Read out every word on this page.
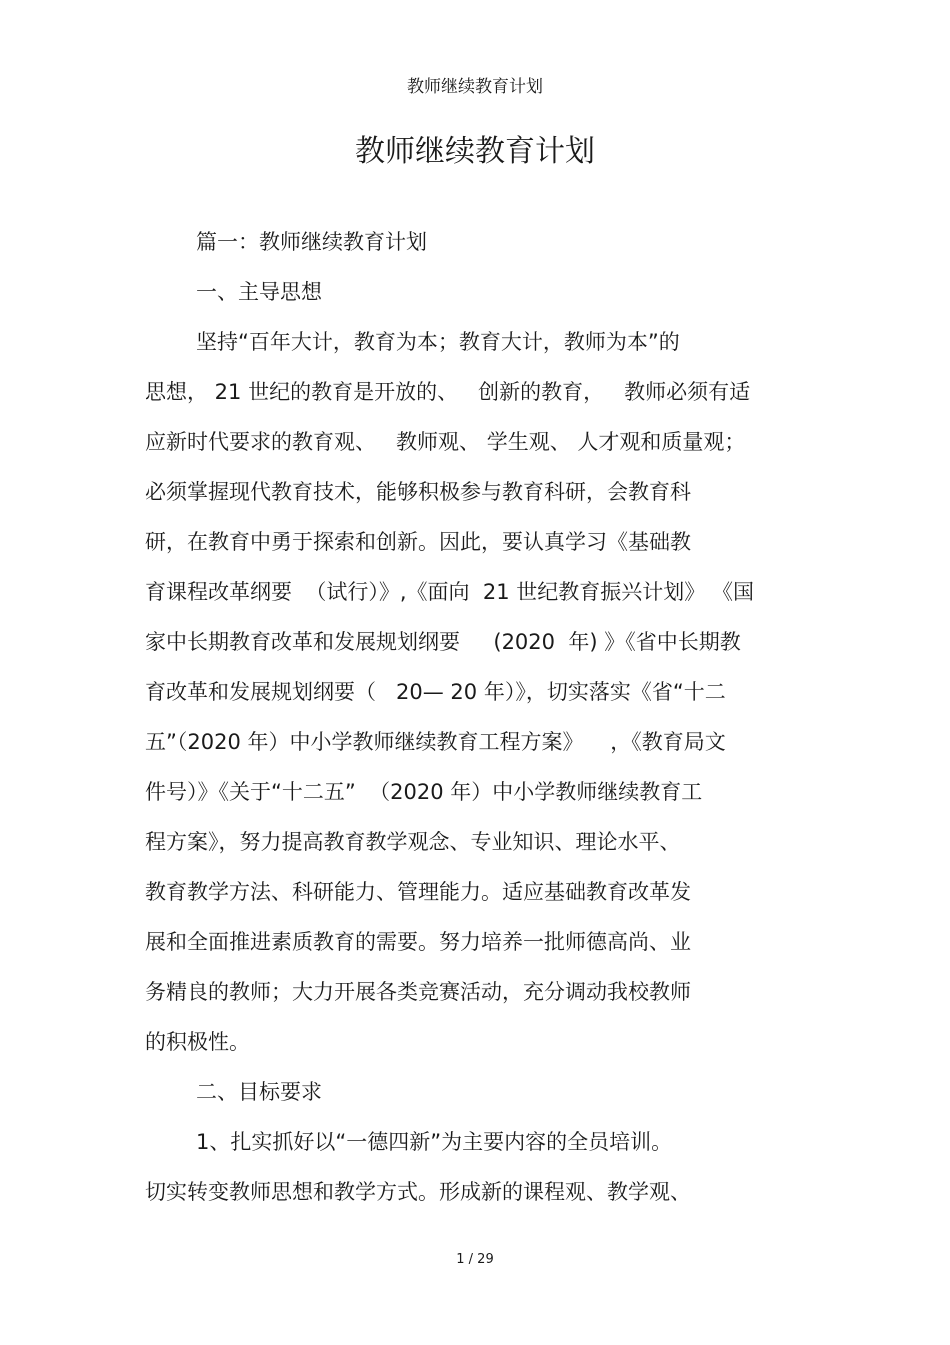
教师继续教育计划
教师继续教育计划
篇一：教师继续教育计划
一、主导思想
坚持“百年大计，教育为本；教育大计，教师为本”的
思想， 21 世纪的教育是开放的、   创新的教育，   教师必须有适
应新时代要求的教育观、   教师观、 学生观、 人才观和质量观；
必须掌握现代教育技术，能够积极参与教育科研，会教育科
研，在教育中勇于探索和创新。因此，要认真学习《基础教
育课程改革纲要  （试行）》,《面向  21 世纪教育振兴计划》 《国
家中长期教育改革和发展规划纲要     (2020  年) 》《省中长期教
育改革和发展规划纲要（   20— 20 年）》，切实落实《省“十二
五”（2020 年）中小学教师继续教育工程方案》    ，《教育局文
件号）》《关于“十二五”  （2020 年）中小学教师继续教育工
程方案》，努力提高教育教学观念、专业知识、理论水平、
教育教学方法、科研能力、管理能力。适应基础教育改革发
展和全面推进素质教育的需要。努力培养一批师德高尚、业
务精良的教师；大力开展各类竞赛活动，充分调动我校教师
的积极性。
二、目标要求
1、扎实抓好以“一德四新”为主要内容的全员培训。
切实转变教师思想和教学方式。形成新的课程观、教学观、
1 / 29
